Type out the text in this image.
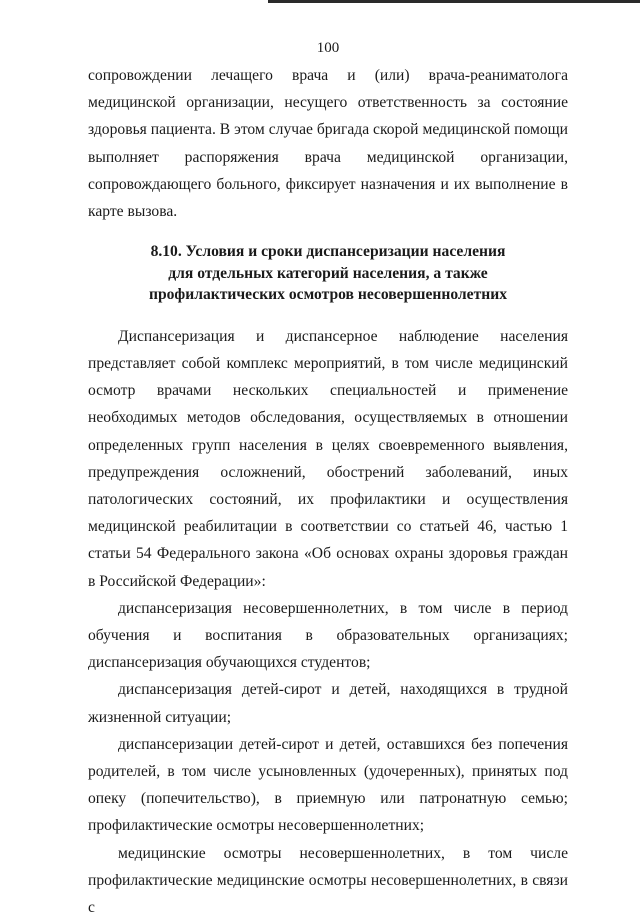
100

сопровождении лечащего врача и (или) врача-реаниматолога медицинской организации, несущего ответственность за состояние здоровья пациента. В этом случае бригада скорой медицинской помощи выполняет распоряжения врача медицинской организации, сопровождающего больного, фиксирует назначения и их выполнение в карте вызова.

8.10. Условия и сроки диспансеризации населения
для отдельных категорий населения, а также
профилактических осмотров несовершеннолетних

Диспансеризация и диспансерное наблюдение населения представляет собой комплекс мероприятий, в том числе медицинский осмотр врачами нескольких специальностей и применение необходимых методов обследования, осуществляемых в отношении определенных групп населения в целях своевременного выявления, предупреждения осложнений, обострений заболеваний, иных патологических состояний, их профилактики и осуществления медицинской реабилитации в соответствии со статьей 46, частью 1 статьи 54 Федерального закона «Об основах охраны здоровья граждан в Российской Федерации»:

диспансеризация несовершеннолетних, в том числе в период обучения и воспитания в образовательных организациях; диспансеризация обучающихся студентов;

диспансеризация детей-сирот и детей, находящихся в трудной жизненной ситуации;

диспансеризации детей-сирот и детей, оставшихся без попечения родителей, в том числе усыновленных (удочеренных), принятых под опеку (попечительство), в приемную или патронатную семью; профилактические осмотры несовершеннолетних;

медицинские осмотры несовершеннолетних, в том числе профилактические медицинские осмотры несовершеннолетних, в связи с
